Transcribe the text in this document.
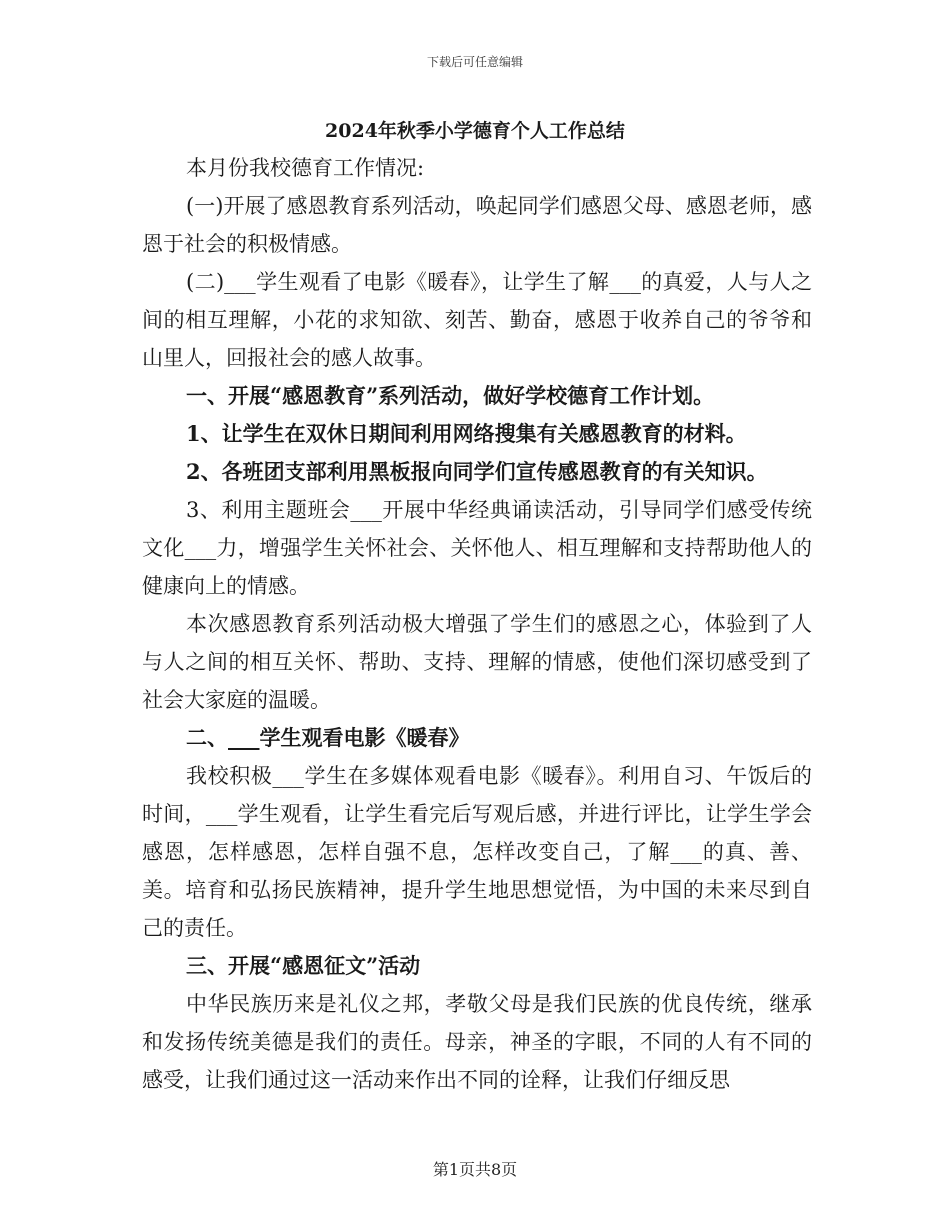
下载后可任意编辑
2024年秋季小学德育个人工作总结

本月份我校德育工作情况:

(一)开展了感恩教育系列活动，唤起同学们感恩父母、感恩老师，感恩于社会的积极情感。

(二)___学生观看了电影《暖春》，让学生了解___的真爱，人与人之间的相互理解，小花的求知欲、刻苦、勤奋，感恩于收养自己的爷爷和山里人，回报社会的感人故事。

一、开展“感恩教育”系列活动，做好学校德育工作计划。

1、让学生在双休日期间利用网络搜集有关感恩教育的材料。

2、各班团支部利用黑板报向同学们宣传感恩教育的有关知识。

3、利用主题班会___开展中华经典诵读活动，引导同学们感受传统文化___力，增强学生关怀社会、关怀他人、相互理解和支持帮助他人的健康向上的情感。

本次感恩教育系列活动极大增强了学生们的感恩之心，体验到了人与人之间的相互关怀、帮助、支持、理解的情感，使他们深切感受到了社会大家庭的温暖。

二、___学生观看电影《暖春》

我校积极___学生在多媒体观看电影《暖春》。利用自习、午饭后的时间，___学生观看，让学生看完后写观后感，并进行评比，让学生学会感恩，怎样感恩，怎样自强不息，怎样改变自己，了解___的真、善、美。培育和弘扬民族精神，提升学生地思想觉悟，为中国的未来尽到自己的责任。

三、开展“感恩征文”活动

中华民族历来是礼仪之邦，孝敬父母是我们民族的优良传统，继承和发扬传统美德是我们的责任。母亲，神圣的字眼，不同的人有不同的感受，让我们通过这一活动来作出不同的诠释，让我们仔细反思

第1页共8页
